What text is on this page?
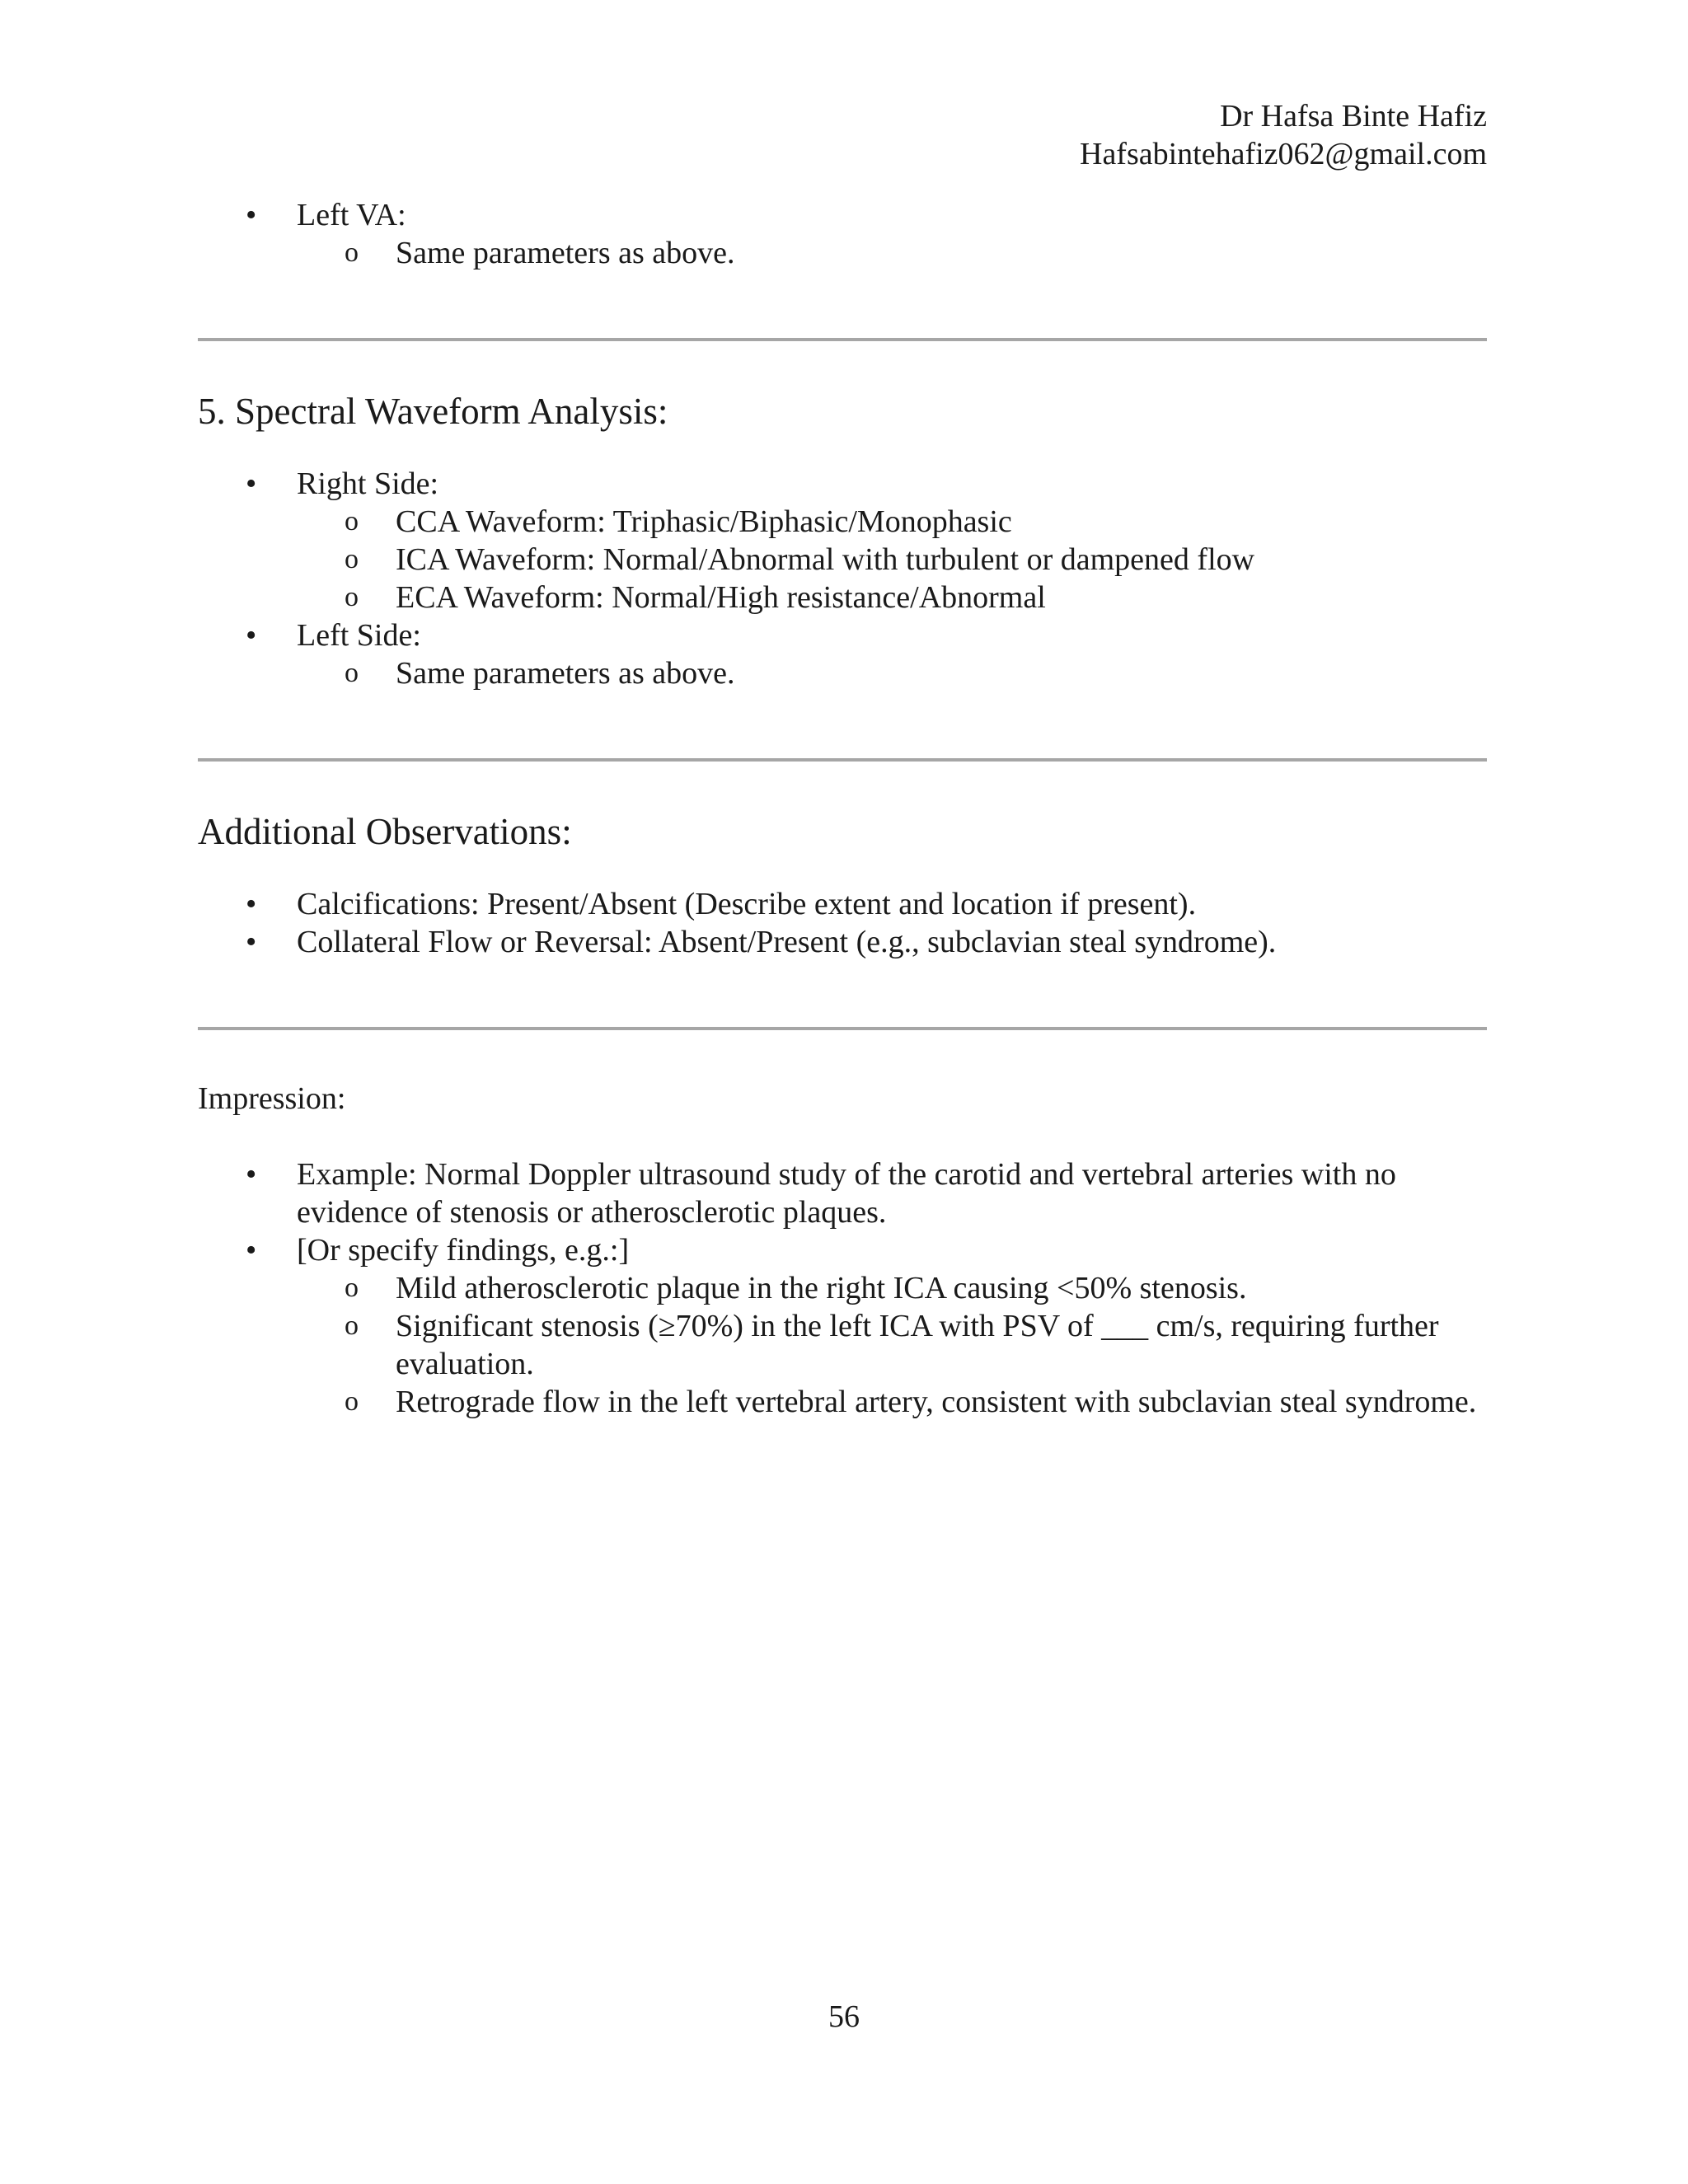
Dr Hafsa Binte Hafiz
Hafsabintehafiz062@gmail.com
• Left VA:
o Same parameters as above.
5. Spectral Waveform Analysis:
• Right Side:
o CCA Waveform: Triphasic/Biphasic/Monophasic
o ICA Waveform: Normal/Abnormal with turbulent or dampened flow
o ECA Waveform: Normal/High resistance/Abnormal
• Left Side:
o Same parameters as above.
Additional Observations:
• Calcifications: Present/Absent (Describe extent and location if present).
• Collateral Flow or Reversal: Absent/Present (e.g., subclavian steal syndrome).
Impression:
• Example: Normal Doppler ultrasound study of the carotid and vertebral arteries with no evidence of stenosis or atherosclerotic plaques.
• [Or specify findings, e.g.:]
o Mild atherosclerotic plaque in the right ICA causing <50% stenosis.
o Significant stenosis (≥70%) in the left ICA with PSV of ___ cm/s, requiring further evaluation.
o Retrograde flow in the left vertebral artery, consistent with subclavian steal syndrome.
56
